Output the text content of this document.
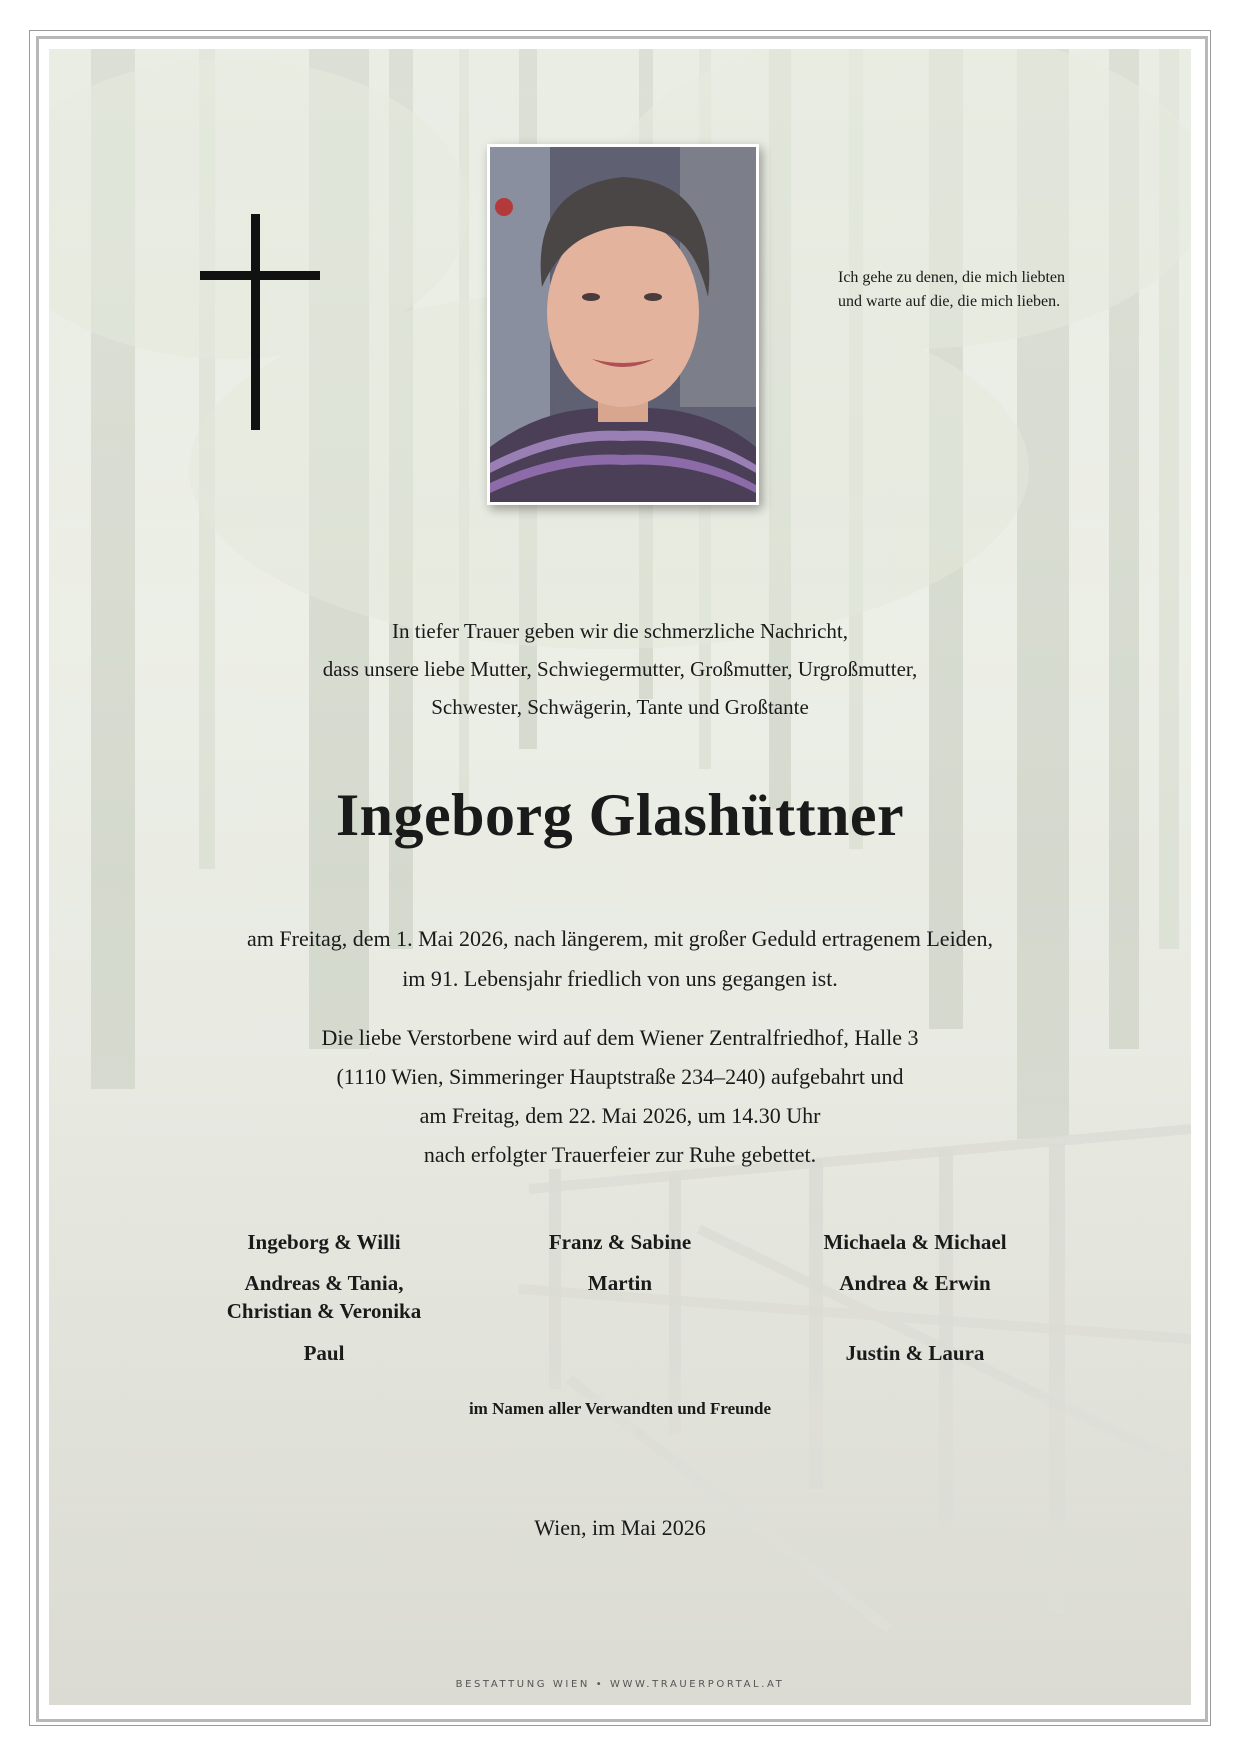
Ich gehe zu denen, die mich liebten
und warte auf die, die mich lieben.
In tiefer Trauer geben wir die schmerzliche Nachricht,
dass unsere liebe Mutter, Schwiegermutter, Großmutter, Urgroßmutter,
Schwester, Schwägerin, Tante und Großtante
Ingeborg Glashüttner
am Freitag, dem 1. Mai 2026, nach längerem, mit großer Geduld ertragenem Leiden,
im 91. Lebensjahr friedlich von uns gegangen ist.
Die liebe Verstorbene wird auf dem Wiener Zentralfriedhof, Halle 3
(1110 Wien, Simmeringer Hauptstraße 234–240) aufgebahrt und
am Freitag, dem 22. Mai 2026, um 14.30 Uhr
nach erfolgter Trauerfeier zur Ruhe gebettet.
Ingeborg & Willi
Andreas & Tania,
Christian & Veronika
Paul
Franz & Sabine
Martin
Michaela & Michael
Andrea & Erwin
Justin & Laura
im Namen aller Verwandten und Freunde
Wien, im Mai 2026
BESTATTUNG WIEN • WWW.TRAUERPORTAL.AT
